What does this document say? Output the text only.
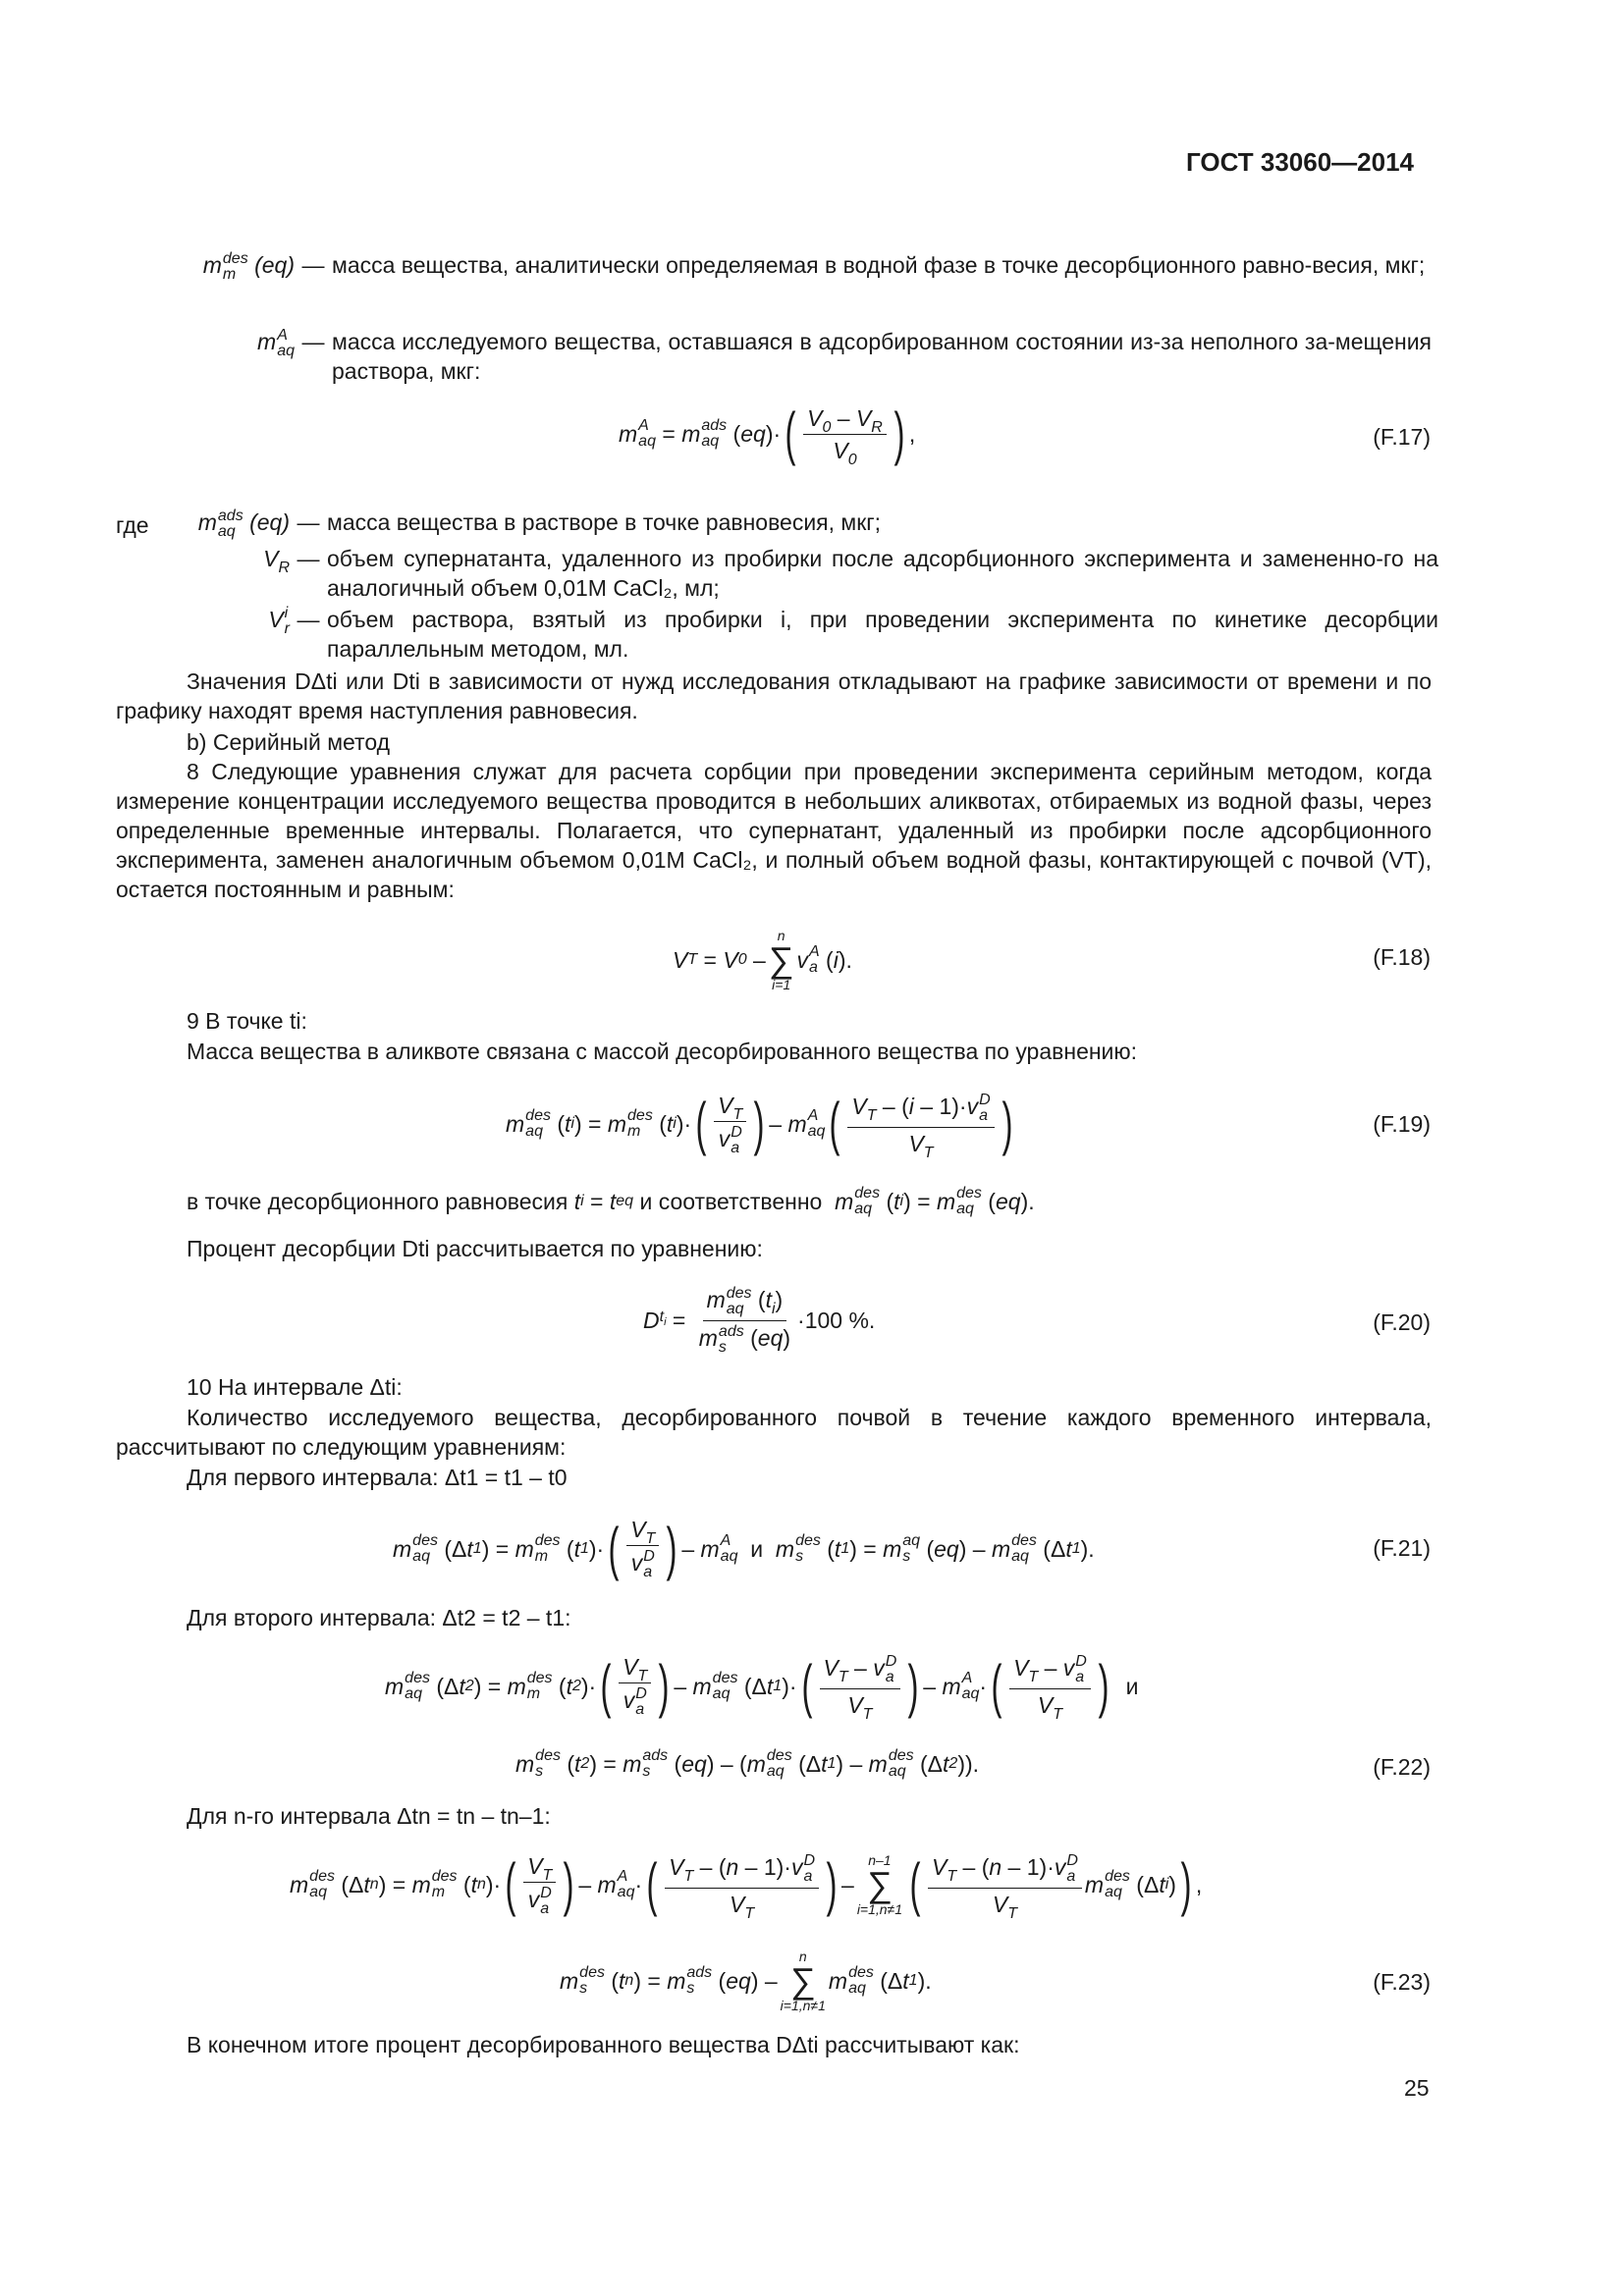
ГОСТ 33060—2014
m des
m (eq) — масса вещества, аналитически определяемая в водной фазе в точке десорбционного равно-весия, мкг;
m A
aq — масса исследуемого вещества, оставшаяся в адсорбированном состоянии из-за неполного за-мещения раствора, мкг:
m A
aq = m ads
aq ( eq )· ( $\frac{V_0 - V_R}{V_0}$ ) ,	(F.17)
где m ads
aq (eq) — масса вещества в растворе в точке равновесия, мкг;
$V_R$ — объем супернатанта, удаленного из пробирки после адсорбционного эксперимента и замененно-го на аналогичный объем 0,01М CaCl₂, мл;
V i
r — объем раствора, взятый из пробирки i, при проведении эксперимента по кинетике десорбции параллельным методом, мл.
Значения DΔti или Dti в зависимости от нужд исследования откладывают на графике зависимости от времени и по графику находят время наступления равновесия.
b) Серийный метод
8 Следующие уравнения служат для расчета сорбции при проведении эксперимента серийным методом, когда измерение концентрации исследуемого вещества проводится в небольших аликвотах, отбираемых из водной фазы, через определенные временные интервалы. Полагается, что супернатант, удаленный из пробирки после адсорбционного эксперимента, заменен аналогичным объемом 0,01М CaCl₂, и полный объем водной фазы, контактирующей с почвой (VT), остается постоянным и равным:
V T = V 0 –
n
∑
i=1
v A
a ( i ).	(F.18)
9 В точке ti:
Масса вещества в аликвоте связана с массой десорбированного вещества по уравнению:
m des
aq ( t i ) = m des
m ( t i )· ( $V_T$
v D
a ) – m A
aq ( $V_T - (i - 1)\cdot v$ D
a
$V_T$ )	(F.19)
в точке десорбционного равновесия
t i = t eq
и соответственно
m des
aq ( t i ) = m des
aq ( eq ).
Процент десорбции Dti рассчитывается по уравнению:
D $t_i = m$ des
aq $(t_i)$
m ads
s (eq) ·100 %.	(F.20)
10 На интервале Δti:
Количество исследуемого вещества, десорбированного почвой в течение каждого временного интервала, рассчитывают по следующим уравнениям:
Для первого интервала: Δt1 = t1 – t0
m des
aq (Δ t 1 ) = m des
m ( t 1 )· ( $V_T$
v D
a ) – m A
aq
и
m des
s ( t 1 ) = m aq
s ( eq ) – m des
aq (Δ t 1 ).	(F.21)
Для второго интервала: Δt2 = t2 – t1:
m des
aq (Δ t 2 ) = m des
m ( t 2 )· ( $V_T$
v D
a ) – m des
aq (Δ t 1 )· ( $V_T$ – v D
a
$V_T$ ) – m A
aq · ( $V_T$ – v D
a
$V_T$ )
и
m des
s ( t 2 ) = m ads
s ( eq ) – ( m des
aq (Δ t 1 ) – m des
aq (Δ t 2 )).	(F.22)
Для n-го интервала Δtn = tn – tn–1:
m des
aq (Δ t n ) = m des
m ( t n )· ( $V_T$
v D
a ) – m A
aq · ( $V_T - (n - 1)\cdot v$ D
a
$V_T$ ) –
n–1
∑
i=1,n≠1 ( $V_T - (n - 1)\cdot v$ D
a
$V_T$ m des
aq (Δ t i ) ) ,
m des
s ( t n ) = m ads
s ( eq ) –
n
∑
i=1,n≠1
m des
aq (Δ t 1 ).	(F.23)
В конечном итоге процент десорбированного вещества DΔti рассчитывают как:
25
